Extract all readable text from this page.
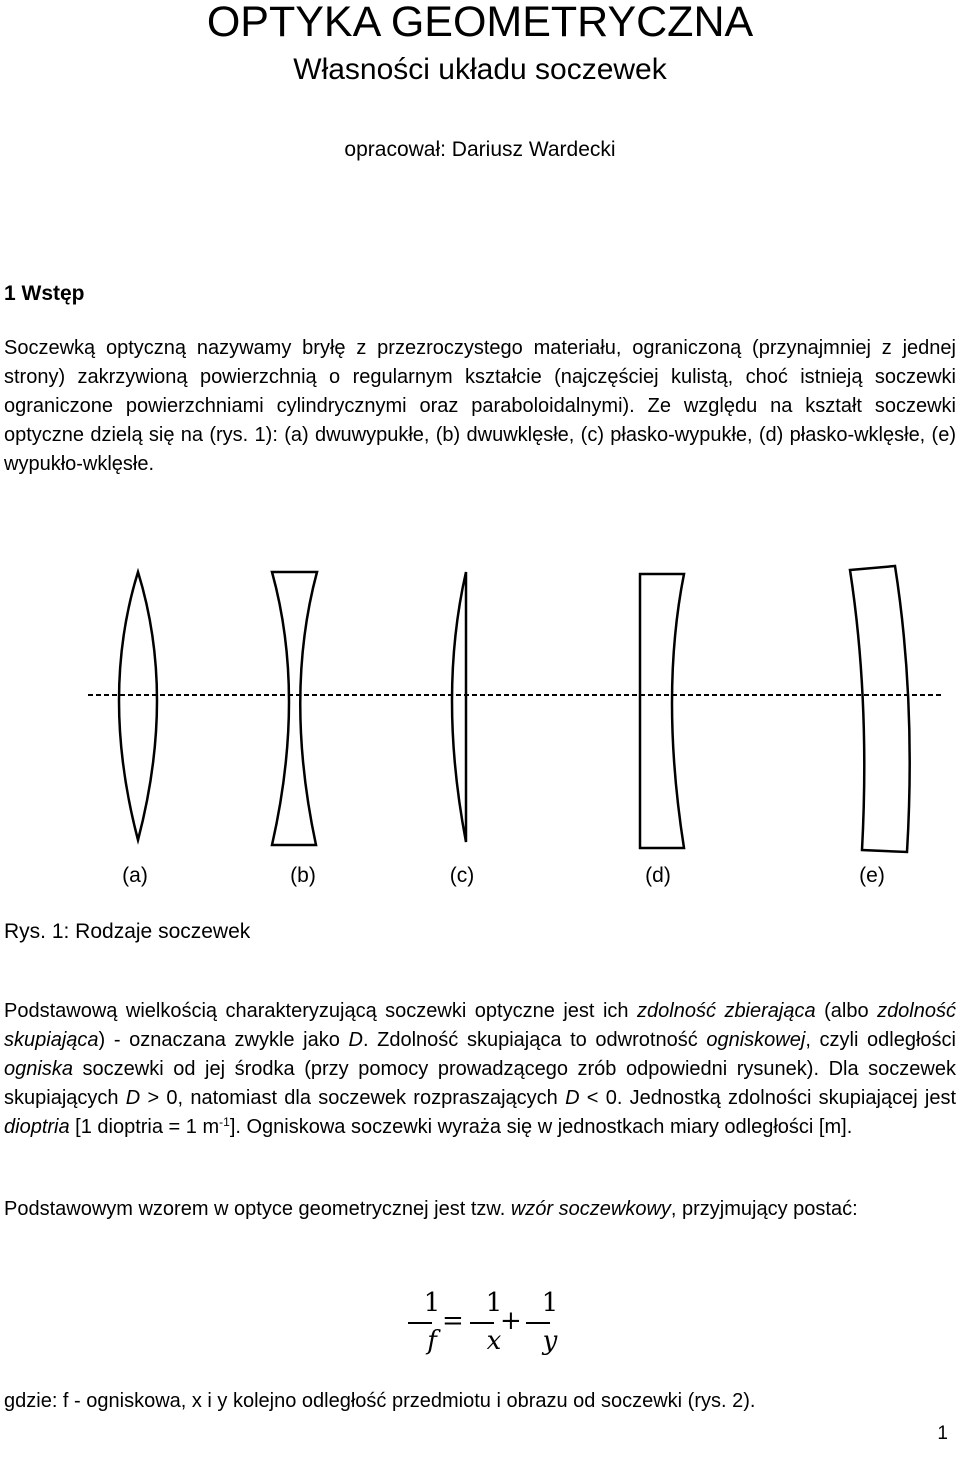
OPTYKA GEOMETRYCZNA
Własności układu soczewek
opracował: Dariusz Wardecki
1 Wstęp

Soczewką optyczną nazywamy bryłę z przezroczystego materiału, ograniczoną (przynajmniej z jednej strony) zakrzywioną powierzchnią o regularnym kształcie (najczęściej kulistą, choć istnieją soczewki ograniczone powierzchniami cylindrycznymi oraz paraboloidalnymi). Ze względu na kształt soczewki optyczne dzielą się na (rys. 1): (a) dwuwypukłe, (b) dwuwklęsłe, (c) płasko-wypukłe, (d) płasko-wklęsłe, (e) wypukło-wklęsłe.

(a)	(b)	(c)	(d)	(e)
Rys. 1: Rodzaje soczewek

Podstawową wielkością charakteryzującą soczewki optyczne jest ich zdolność zbierająca (albo zdolność skupiająca) - oznaczana zwykle jako D. Zdolność skupiająca to odwrotność ogniskowej, czyli odległości ogniska soczewki od jej środka (przy pomocy prowadzącego zrób odpowiedni rysunek). Dla soczewek skupiających D > 0, natomiast dla soczewek rozpraszających D < 0. Jednostką zdolności skupiającej jest dioptria [1 dioptria = 1 $m^{-1}$]. Ogniskowa soczewki wyraża się w jednostkach miary odległości [m].

Podstawowym wzorem w optyce geometrycznej jest tzw. wzór soczewkowy, przyjmujący postać:

1
f
=
1
x
+
1
y

gdzie: f - ogniskowa, x i y kolejno odległość przedmiotu i obrazu od soczewki (rys. 2).

1
